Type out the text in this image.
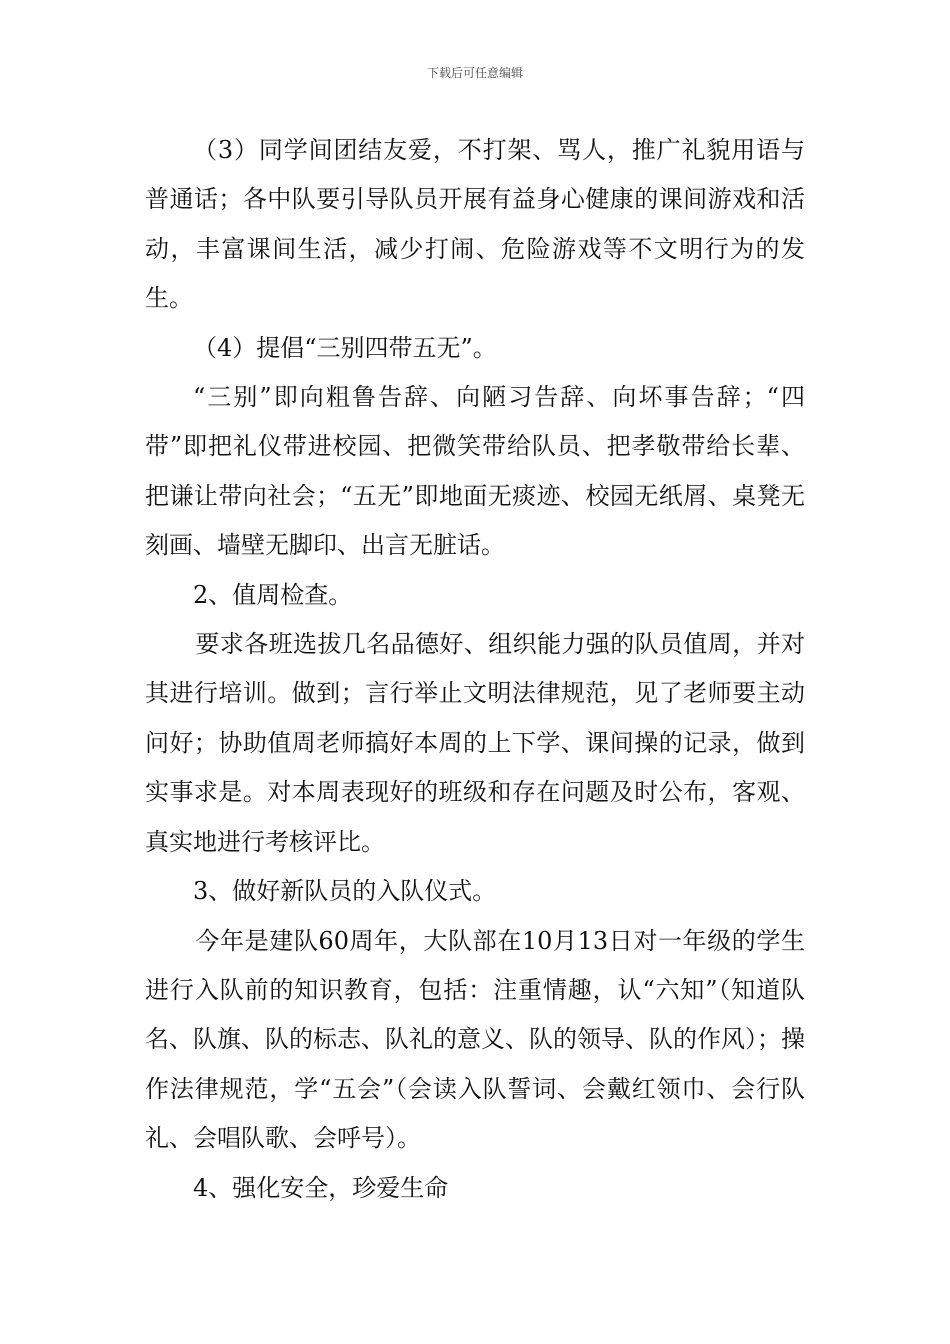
下载后可任意编辑

（3）同学间团结友爱，不打架、骂人，推广礼貌用语与普通话；各中队要引导队员开展有益身心健康的课间游戏和活动，丰富课间生活，减少打闹、危险游戏等不文明行为的发生。

（4）提倡“三别四带五无”。

“三别”即向粗鲁告辞、向陋习告辞、向坏事告辞；“四带”即把礼仪带进校园、把微笑带给队员、把孝敬带给长辈、把谦让带向社会；“五无”即地面无痰迹、校园无纸屑、桌凳无刻画、墙壁无脚印、出言无脏话。

2、值周检查。

要求各班选拔几名品德好、组织能力强的队员值周，并对其进行培训。做到；言行举止文明法律规范，见了老师要主动问好；协助值周老师搞好本周的上下学、课间操的记录，做到实事求是。对本周表现好的班级和存在问题及时公布，客观、真实地进行考核评比。

3、做好新队员的入队仪式。

今年是建队60周年，大队部在10月13日对一年级的学生进行入队前的知识教育，包括：注重情趣，认“六知”（知道队名、队旗、队的标志、队礼的意义、队的领导、队的作风）；操作法律规范，学“五会”（会读入队誓词、会戴红领巾、会行队礼、会唱队歌、会呼号）。

4、强化安全，珍爱生命
